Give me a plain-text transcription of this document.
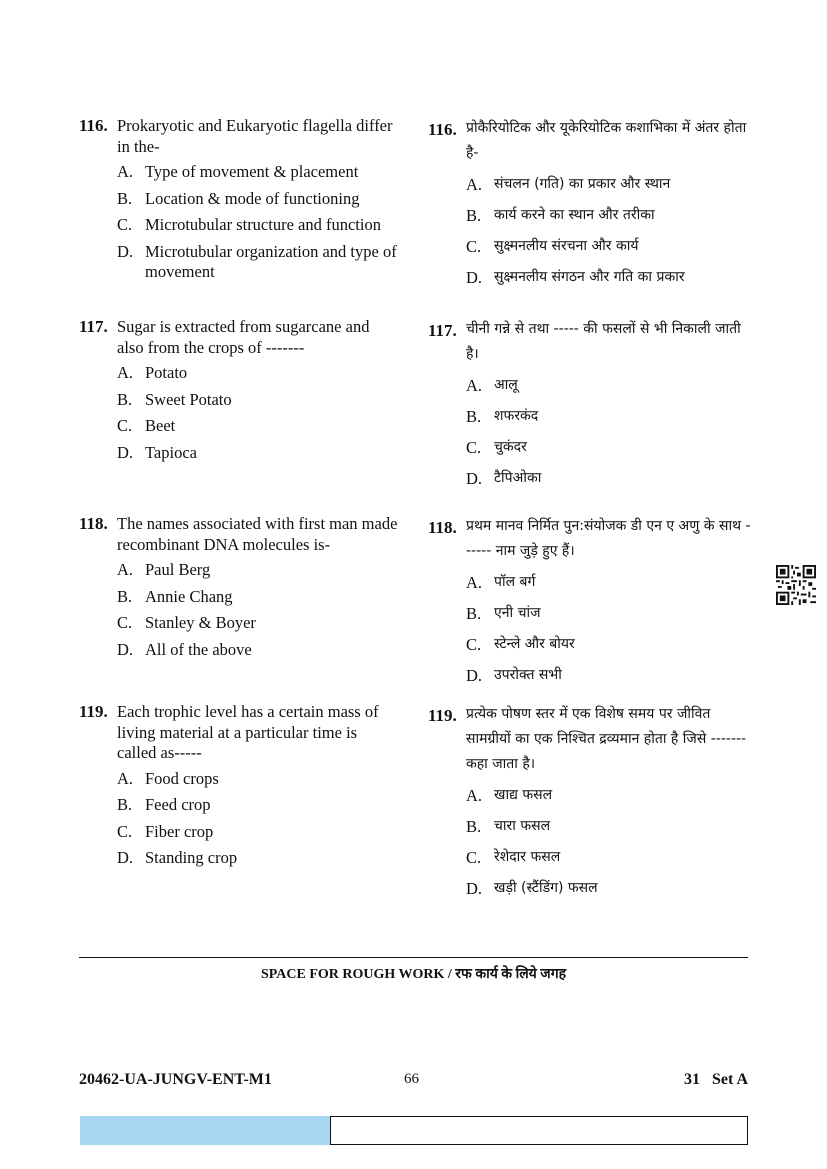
116. Prokaryotic and Eukaryotic flagella differ in the-
A. Type of movement & placement
B. Location & mode of functioning
C. Microtubular structure and function
D. Microtubular organization and type of movement
117. Sugar is extracted from sugarcane and also from the crops of -------
A. Potato
B. Sweet Potato
C. Beet
D. Tapioca
118. The names associated with first man made recombinant DNA molecules is-
A. Paul Berg
B. Annie Chang
C. Stanley & Boyer
D. All of the above
119. Each trophic level has a certain mass of living material at a particular time is called as-----
A. Food crops
B. Feed crop
C. Fiber crop
D. Standing crop
116. प्रोकैरियोटिक और यूकेरियोटिक कशाभिका में अंतर होता है-
A. संचलन (गति) का प्रकार और स्थान
B. कार्य करने का स्थान और तरीका
C. सुक्ष्मनलीय संरचना और कार्य
D. सुक्ष्मनलीय संगठन और गति का प्रकार
117. चीनी गन्ने से तथा ----- की फसलों से भी निकाली जाती है।
A. आलू
B. शफरकंद
C. चुकंदर
D. टैपिओका
118. प्रथम मानव निर्मित पुन:संयोजक डी एन ए अणु के साथ ------ नाम जुड़े हुए हैं।
A. पॉल बर्ग
B. एनी चांज
C. स्टेन्ले और बोयर
D. उपरोक्त सभी
119. प्रत्येक पोषण स्तर में एक विशेष समय पर जीवित सामग्रीयों का एक निश्चित द्रव्यमान होता है जिसे ------- कहा जाता है।
A. खाद्य फसल
B. चारा फसल
C. रेशेदार फसल
D. खड़ी (स्टैंडिंग) फसल
SPACE FOR ROUGH WORK / रफ कार्य के लिये जगह
20462-UA-JUNGV-ENT-M1	66	31 Set A
